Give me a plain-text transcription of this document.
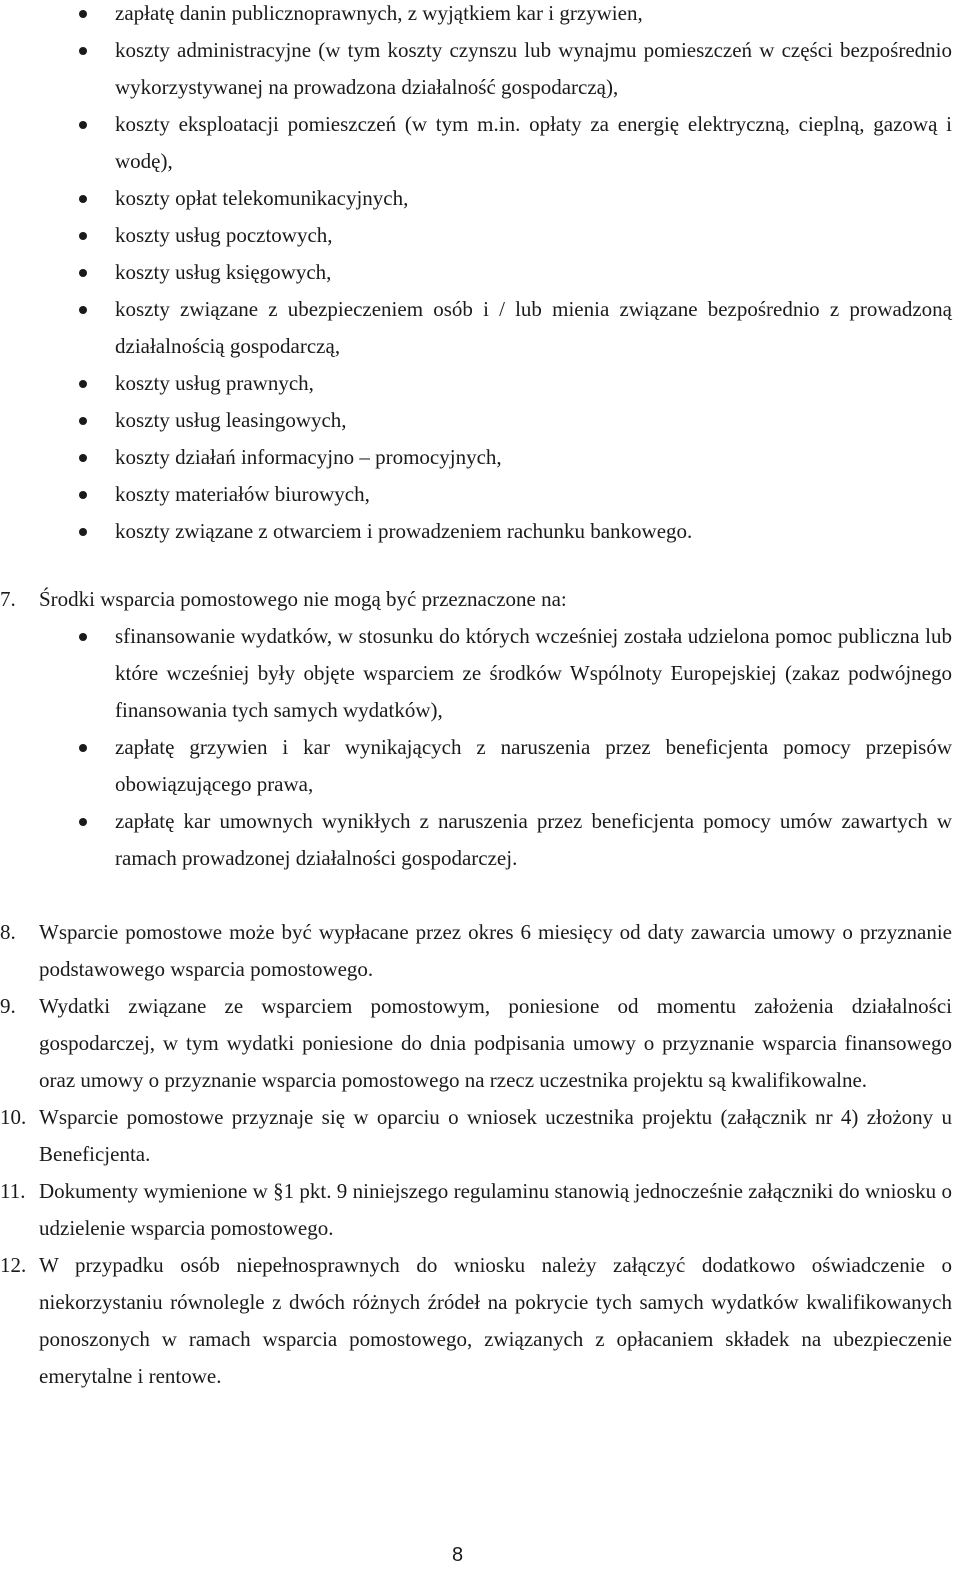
zapłatę danin publicznoprawnych, z wyjątkiem kar i grzywien,
koszty administracyjne (w tym koszty czynszu lub wynajmu pomieszczeń w części bezpośrednio wykorzystywanej na prowadzona działalność gospodarczą),
koszty eksploatacji pomieszczeń (w tym m.in. opłaty za energię elektryczną, cieplną, gazową i wodę),
koszty opłat telekomunikacyjnych,
koszty usług pocztowych,
koszty usług księgowych,
koszty związane z ubezpieczeniem osób i / lub mienia związane bezpośrednio z prowadzoną działalnością gospodarczą,
koszty usług prawnych,
koszty usług leasingowych,
koszty działań informacyjno – promocyjnych,
koszty materiałów biurowych,
koszty związane z otwarciem i prowadzeniem rachunku bankowego.
7. Środki wsparcia pomostowego nie mogą być przeznaczone na:
sfinansowanie wydatków, w stosunku do których wcześniej została udzielona pomoc publiczna lub które wcześniej były objęte wsparciem ze środków Wspólnoty Europejskiej (zakaz podwójnego finansowania tych samych wydatków),
zapłatę grzywien i kar wynikających z naruszenia przez beneficjenta pomocy przepisów obowiązującego prawa,
zapłatę kar umownych wynikłych z naruszenia przez beneficjenta pomocy umów zawartych w ramach prowadzonej działalności gospodarczej.
8. Wsparcie pomostowe może być wypłacane przez okres 6 miesięcy od daty zawarcia umowy o przyznanie podstawowego wsparcia pomostowego.
9. Wydatki związane ze wsparciem pomostowym, poniesione od momentu założenia działalności gospodarczej, w tym wydatki poniesione do dnia podpisania umowy o przyznanie wsparcia finansowego oraz umowy o przyznanie wsparcia pomostowego na rzecz uczestnika projektu są kwalifikowalne.
10. Wsparcie pomostowe przyznaje się w oparciu o wniosek uczestnika projektu (załącznik nr 4) złożony u Beneficjenta.
11. Dokumenty wymienione w §1 pkt. 9 niniejszego regulaminu stanowią jednocześnie załączniki do wniosku o udzielenie wsparcia pomostowego.
12. W przypadku osób niepełnosprawnych do wniosku należy załączyć dodatkowo oświadczenie o niekorzystaniu równolegle z dwóch różnych źródeł na pokrycie tych samych wydatków kwalifikowanych ponoszonych w ramach wsparcia pomostowego, związanych z opłacaniem składek na ubezpieczenie emerytalne i rentowe.
8
